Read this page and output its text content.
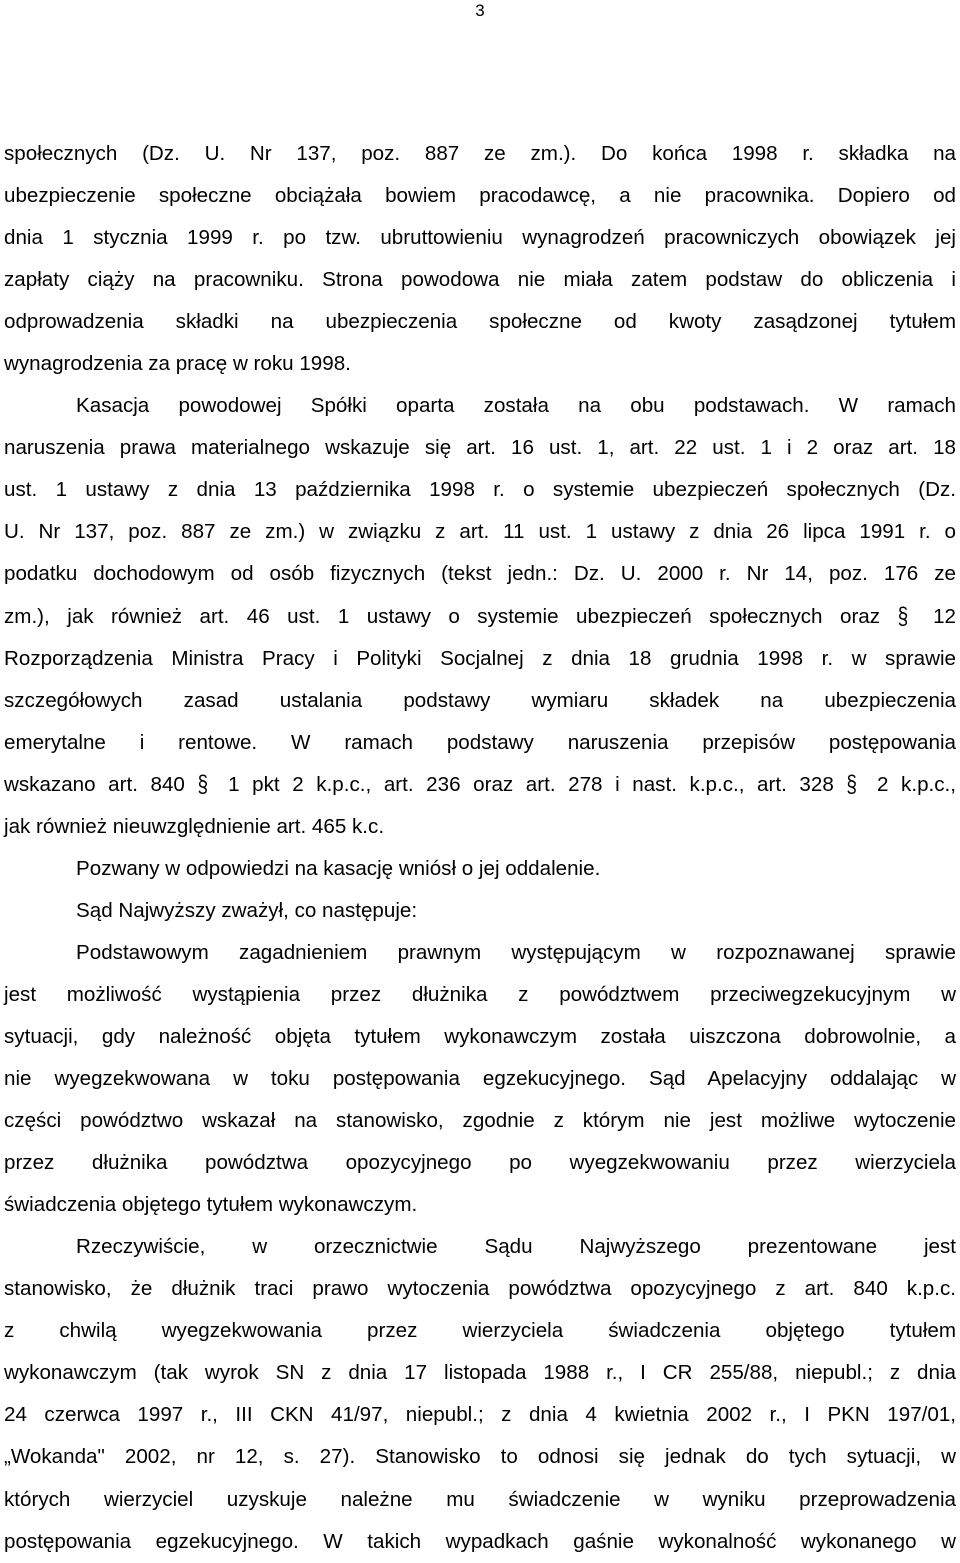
3
społecznych (Dz. U. Nr 137, poz. 887 ze zm.). Do końca 1998 r. składka na
ubezpieczenie społeczne obciążała bowiem pracodawcę, a nie pracownika. Dopiero od
dnia 1 stycznia 1999 r. po tzw. ubruttowieniu wynagrodzeń pracowniczych obowiązek jej
zapłaty ciąży na pracowniku. Strona powodowa nie miała zatem podstaw do obliczenia i
odprowadzenia składki na ubezpieczenia społeczne od kwoty zasądzonej tytułem
wynagrodzenia za pracę w roku 1998.
Kasacja powodowej Spółki oparta została na obu podstawach. W ramach
naruszenia prawa materialnego wskazuje się art. 16 ust. 1, art. 22 ust. 1 i 2 oraz art. 18
ust. 1 ustawy z dnia 13 października 1998 r. o systemie ubezpieczeń społecznych (Dz.
U. Nr 137, poz. 887 ze zm.) w związku z art. 11 ust. 1 ustawy z dnia 26 lipca 1991 r. o
podatku dochodowym od osób fizycznych (tekst jedn.: Dz. U. 2000 r. Nr 14, poz. 176 ze
zm.), jak również art. 46 ust. 1 ustawy o systemie ubezpieczeń społecznych oraz § 12
Rozporządzenia Ministra Pracy i Polityki Socjalnej z dnia 18 grudnia 1998 r. w sprawie
szczegółowych zasad ustalania podstawy wymiaru składek na ubezpieczenia
emerytalne i rentowe. W ramach podstawy naruszenia przepisów postępowania
wskazano art. 840 § 1 pkt 2 k.p.c., art. 236 oraz art. 278 i nast. k.p.c., art. 328 § 2 k.p.c.,
jak również nieuwzględnienie art. 465 k.c.
Pozwany w odpowiedzi na kasację wniósł o jej oddalenie.
Sąd Najwyższy zważył, co następuje:
Podstawowym zagadnieniem prawnym występującym w rozpoznawanej sprawie
jest możliwość wystąpienia przez dłużnika z powództwem przeciwegzekucyjnym w
sytuacji, gdy należność objęta tytułem wykonawczym została uiszczona dobrowolnie, a
nie wyegzekwowana w toku postępowania egzekucyjnego. Sąd Apelacyjny oddalając w
części powództwo wskazał na stanowisko, zgodnie z którym nie jest możliwe wytoczenie
przez dłużnika powództwa opozycyjnego po wyegzekwowaniu przez wierzyciela
świadczenia objętego tytułem wykonawczym.
Rzeczywiście, w orzecznictwie Sądu Najwyższego prezentowane jest
stanowisko, że dłużnik traci prawo wytoczenia powództwa opozycyjnego z art. 840 k.p.c.
z chwilą wyegzekwowania przez wierzyciela świadczenia objętego tytułem
wykonawczym (tak wyrok SN z dnia 17 listopada 1988 r., I CR 255/88, niepubl.; z dnia
24 czerwca 1997 r., III CKN 41/97, niepubl.; z dnia 4 kwietnia 2002 r., I PKN 197/01,
„Wokanda" 2002, nr 12, s. 27). Stanowisko to odnosi się jednak do tych sytuacji, w
których wierzyciel uzyskuje należne mu świadczenie w wyniku przeprowadzenia
postępowania egzekucyjnego. W takich wypadkach gaśnie wykonalność wykonanego w
